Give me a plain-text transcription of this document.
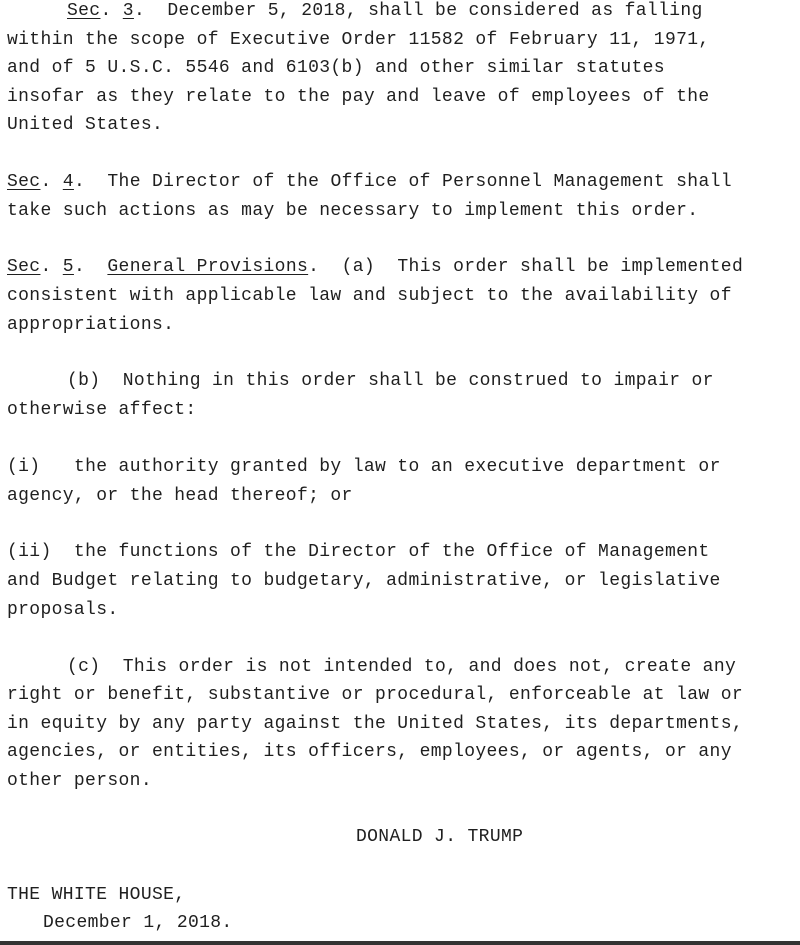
Sec. 3.  December 5, 2018, shall be considered as falling
within the scope of Executive Order 11582 of February 11, 1971,
and of 5 U.S.C. 5546 and 6103(b) and other similar statutes
insofar as they relate to the pay and leave of employees of the
United States.
Sec. 4.  The Director of the Office of Personnel Management shall
take such actions as may be necessary to implement this order.
Sec. 5.  General Provisions.  (a) This order shall be implemented
consistent with applicable law and subject to the availability of
appropriations.
(b) Nothing in this order shall be construed to impair or
otherwise affect:
(i) the authority granted by law to an executive department or
agency, or the head thereof; or
(ii) the functions of the Director of the Office of Management
and Budget relating to budgetary, administrative, or legislative
proposals.
(c) This order is not intended to, and does not, create any
right or benefit, substantive or procedural, enforceable at law or
in equity by any party against the United States, its departments,
agencies, or entities, its officers, employees, or agents, or any
other person.
DONALD J. TRUMP
THE WHITE HOUSE,
December 1, 2018.
